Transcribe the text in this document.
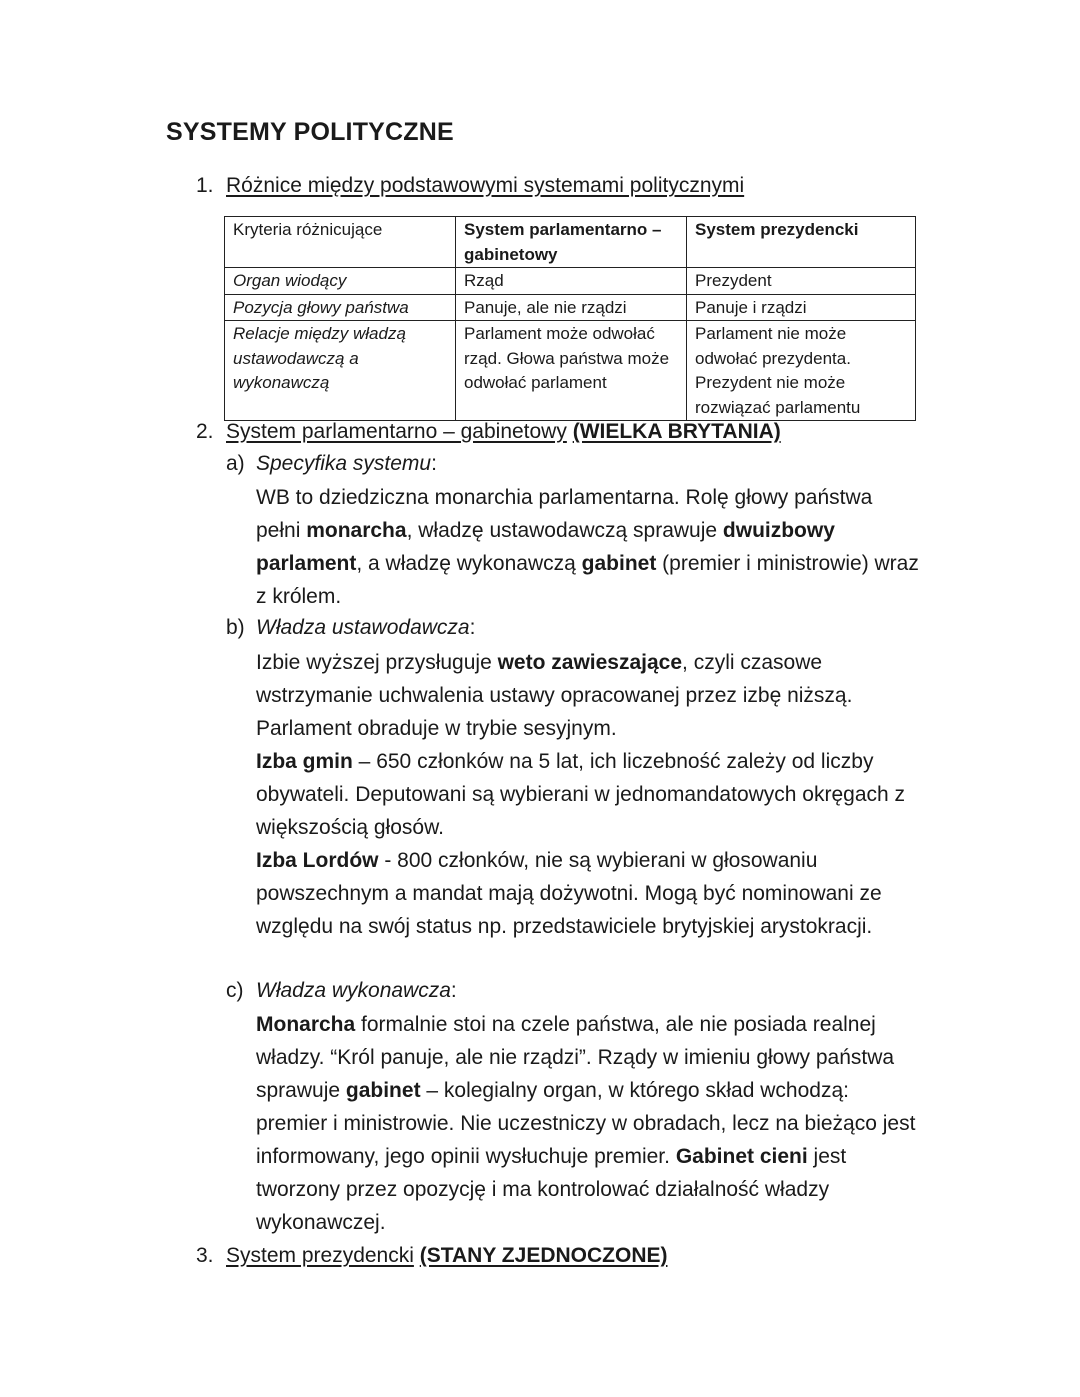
SYSTEMY POLITYCZNE
1. Różnice między podstawowymi systemami politycznymi
Kryteria różnicujące	System parlamentarno – gabinetowy	System prezydencki
Organ wiodący	Rząd	Prezydent
Pozycja głowy państwa	Panuje, ale nie rządzi	Panuje i rządzi
Relacje między władzą ustawodawczą a wykonawczą	Parlament może odwołać rząd. Głowa państwa może odwołać parlament	Parlament nie może odwołać prezydenta. Prezydent nie może rozwiązać parlamentu
2. System parlamentarno – gabinetowy (WIELKA BRYTANIA)
a) Specyfika systemu:

WB to dziedziczna monarchia parlamentarna. Rolę głowy państwa pełni monarcha, władzę ustawodawczą sprawuje dwuizbowy parlament, a władzę wykonawczą gabinet (premier i ministrowie) wraz z królem.

b) Władza ustawodawcza:

Izbie wyższej przysługuje weto zawieszające, czyli czasowe wstrzymanie uchwalenia ustawy opracowanej przez izbę niższą. Parlament obraduje w trybie sesyjnym.

Izba gmin – 650 członków na 5 lat, ich liczebność zależy od liczby obywateli. Deputowani są wybierani w jednomandatowych okręgach z większością głosów.

Izba Lordów - 800 członków, nie są wybierani w głosowaniu powszechnym a mandat mają dożywotni. Mogą być nominowani ze względu na swój status np. przedstawiciele brytyjskiej arystokracji.

c) Władza wykonawcza:

Monarcha formalnie stoi na czele państwa, ale nie posiada realnej władzy. “Król panuje, ale nie rządzi”. Rządy w imieniu głowy państwa sprawuje gabinet – kolegialny organ, w którego skład wchodzą: premier i ministrowie. Nie uczestniczy w obradach, lecz na bieżąco jest informowany, jego opinii wysłuchuje premier. Gabinet cieni jest tworzony przez opozycję i ma kontrolować działalność władzy wykonawczej.

3. System prezydencki (STANY ZJEDNOCZONE)
